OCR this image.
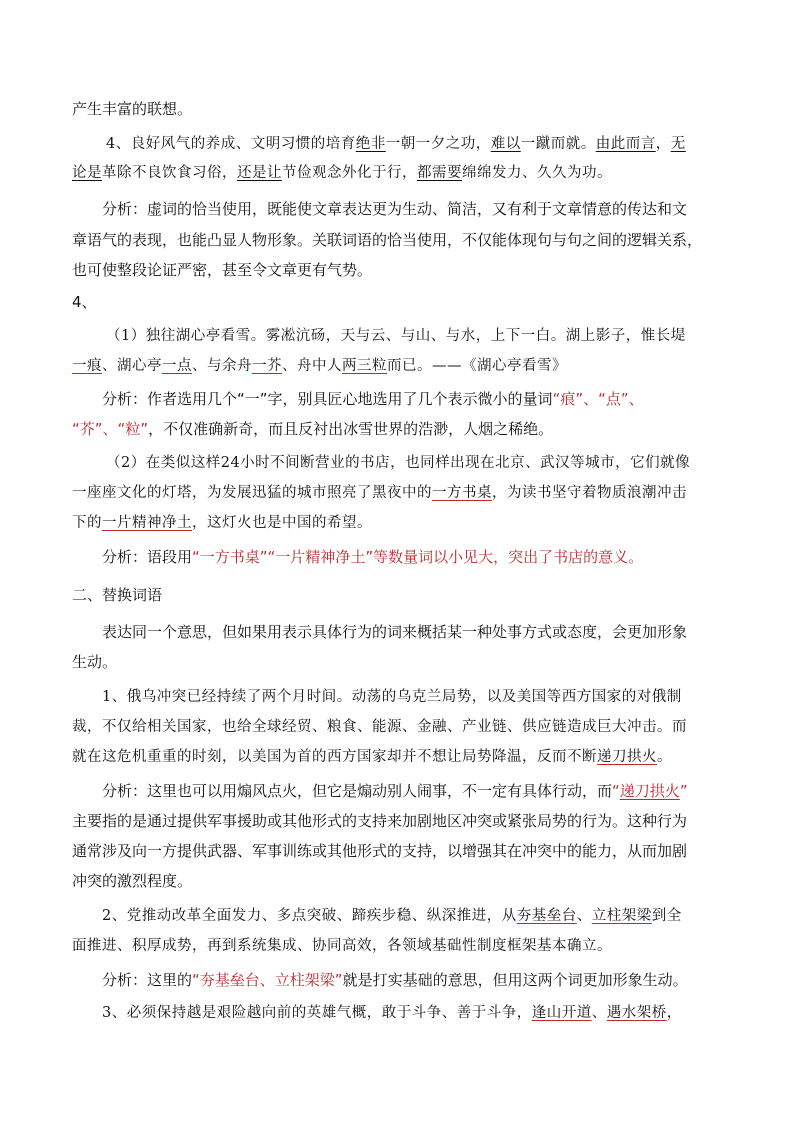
产生丰富的联想。
4、良好风气的养成、文明习惯的培育绝非一朝一夕之功，难以一蹴而就。由此而言，无
论是革除不良饮食习俗，还是让节俭观念外化于行，都需要绵绵发力、久久为功。
分析：虚词的恰当使用，既能使文章表达更为生动、简洁，又有利于文章情意的传达和文
章语气的表现，也能凸显人物形象。关联词语的恰当使用，不仅能体现句与句之间的逻辑关系，
也可使整段论证严密，甚至令文章更有气势。
4、
（1）独往湖心亭看雪。雾凇沆砀，天与云、与山、与水，上下一白。湖上影子，惟长堤
一痕、湖心亭一点、与余舟一芥、舟中人两三粒而已。——《湖心亭看雪》
分析：作者选用几个“一”字，别具匠心地选用了几个表示微小的量词“痕”、“点”、
“芥”、“粒”，不仅准确新奇，而且反衬出冰雪世界的浩渺，人烟之稀绝。
（2）在类似这样24小时不间断营业的书店，也同样出现在北京、武汉等城市，它们就像
一座座文化的灯塔，为发展迅猛的城市照亮了黑夜中的一方书桌，为读书坚守着物质浪潮冲击
下的一片精神净土，这灯火也是中国的希望。
分析：语段用“一方书桌”“一片精神净土”等数量词以小见大，突出了书店的意义。
二、替换词语
表达同一个意思，但如果用表示具体行为的词来概括某一种处事方式或态度，会更加形象
生动。
1、俄乌冲突已经持续了两个月时间。动荡的乌克兰局势，以及美国等西方国家的对俄制
裁，不仅给相关国家，也给全球经贸、粮食、能源、金融、产业链、供应链造成巨大冲击。而
就在这危机重重的时刻，以美国为首的西方国家却并不想让局势降温，反而不断递刀拱火。
分析：这里也可以用煽风点火，但它是煽动别人闹事，不一定有具体行动，而“递刀拱火”
主要指的是通过提供军事援助或其他形式的支持来加剧地区冲突或紧张局势的行为。这种行为
通常涉及向一方提供武器、军事训练或其他形式的支持，以增强其在冲突中的能力，从而加剧
冲突的激烈程度。
2、党推动改革全面发力、多点突破、蹄疾步稳、纵深推进，从夯基垒台、立柱架梁到全
面推进、积厚成势，再到系统集成、协同高效，各领域基础性制度框架基本确立。
分析：这里的“夯基垒台、立柱架梁”就是打实基础的意思，但用这两个词更加形象生动。
3、必须保持越是艰险越向前的英雄气概，敢于斗争、善于斗争，逢山开道、遇水架桥，
